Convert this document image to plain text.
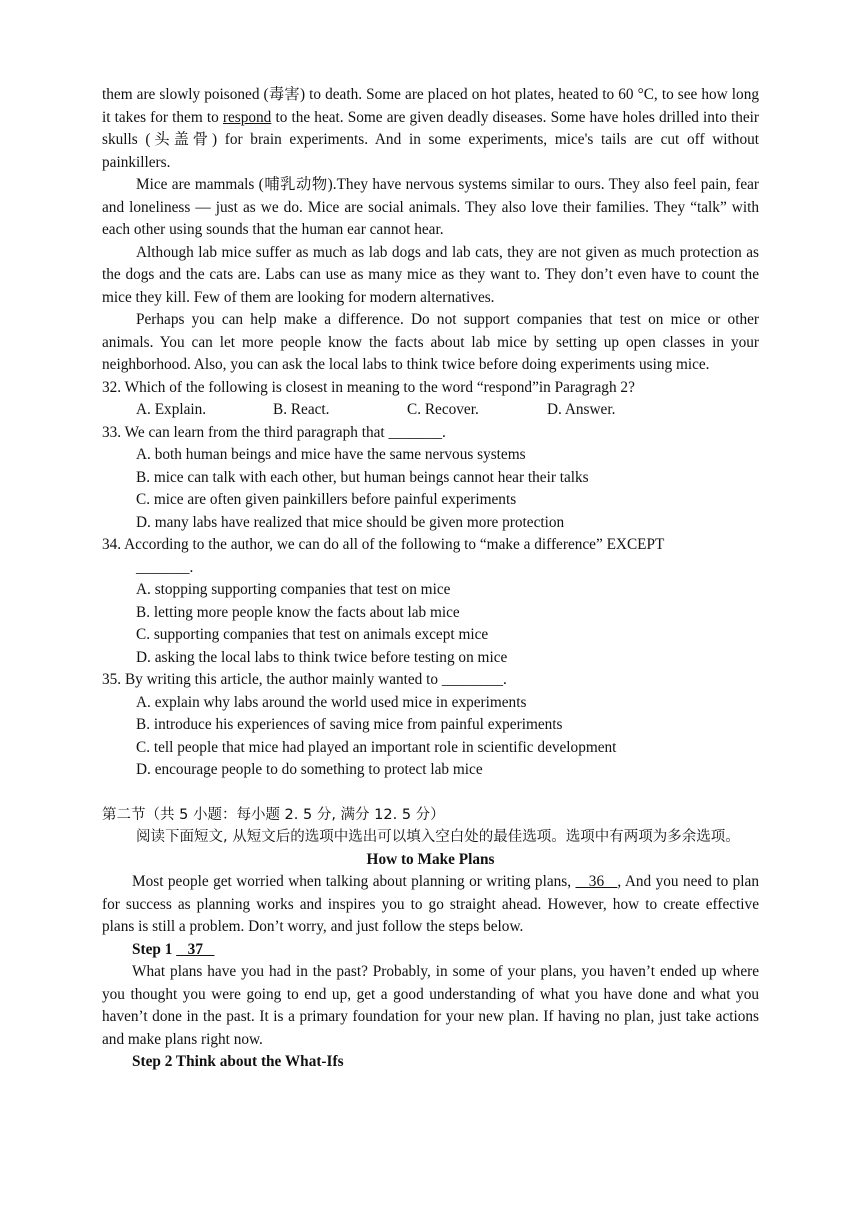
them are slowly poisoned (毒害) to death. Some are placed on hot plates, heated to 60 °C, to see how long it takes for them to respond to the heat. Some are given deadly diseases. Some have holes drilled into their skulls (头盖骨) for brain experiments. And in some experiments, mice's tails are cut off without painkillers.

Mice are mammals (哺乳动物).They have nervous systems similar to ours. They also feel pain, fear and loneliness — just as we do. Mice are social animals. They also love their families. They “talk” with each other using sounds that the human ear cannot hear.

Although lab mice suffer as much as lab dogs and lab cats, they are not given as much protection as the dogs and the cats are. Labs can use as many mice as they want to. They don’t even have to count the mice they kill. Few of them are looking for modern alternatives.

Perhaps you can help make a difference. Do not support companies that test on mice or other animals. You can let more people know the facts about lab mice by setting up open classes in your neighborhood. Also, you can ask the local labs to think twice before doing experiments using mice.

32. Which of the following is closest in meaning to the word “respond”in Paragragh 2?
A. Explain.	B. React.	C. Recover.	D. Answer.
33. We can learn from the third paragraph that _______.
A. both human beings and mice have the same nervous systems
B. mice can talk with each other, but human beings cannot hear their talks
C. mice are often given painkillers before painful experiments
D. many labs have realized that mice should be given more protection
34. According to the author, we can do all of the following to “make a difference” EXCEPT
_______.
A. stopping supporting companies that test on mice
B. letting more people know the facts about lab mice
C. supporting companies that test on animals except mice
D. asking the local labs to think twice before testing on mice
35. By writing this article, the author mainly wanted to ________.
A. explain why labs around the world used mice in experiments
B. introduce his experiences of saving mice from painful experiments
C. tell people that mice had played an important role in scientific development
D. encourage people to do something to protect lab mice
第二节（共 5 小题：每小题 2. 5 分, 满分 12. 5 分）

阅读下面短文, 从短文后的选项中选出可以填入空白处的最佳选项。选项中有两项为多余选项。

How to Make Plans

Most people get worried when talking about planning or writing plans,    36   , And you need to plan for success as planning works and inspires you to go straight ahead. However, how to create effective plans is still a problem. Don’t worry, and just follow the steps below.

Step 1    37

What plans have you had in the past? Probably, in some of your plans, you haven’t ended up where you thought you were going to end up, get a good understanding of what you have done and what you haven’t done in the past. It is a primary foundation for your new plan. If having no plan, just take actions and make plans right now.

Step 2 Think about the What-Ifs
